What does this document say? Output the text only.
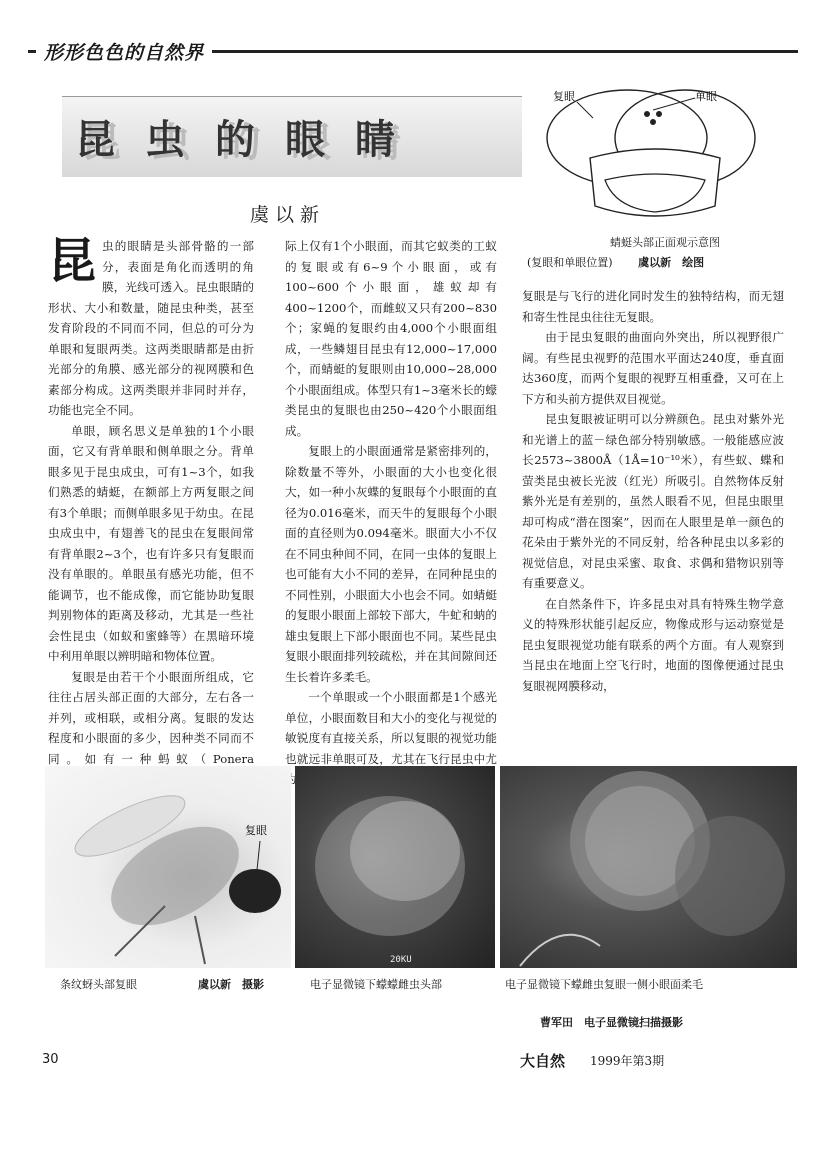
形形色色的自然界
昆虫的眼睛
虞以新
复眼	单眼
蜻蜓头部正面观示意图
(复眼和单眼位置) 虞以新　绘图

昆虫的眼睛是头部骨骼的一部分，表面是角化而透明的角膜，光线可透入。昆虫眼睛的形状、大小和数量，随昆虫种类，甚至发育阶段的不同而不同，但总的可分为单眼和复眼两类。这两类眼睛都是由折光部分的角膜、感光部分的视网膜和色素部分构成。这两类眼并非同时并存，功能也完全不同。

单眼，顾名思义是单独的1个小眼面，它又有背单眼和侧单眼之分。背单眼多见于昆虫成虫，可有1~3个，如我们熟悉的蜻蜓，在额部上方两复眼之间有3个单眼；而侧单眼多见于幼虫。在昆虫成虫中，有翅善飞的昆虫在复眼间常有背单眼2~3个，也有许多只有复眼而没有单眼的。单眼虽有感光功能，但不能调节，也不能成像，而它能协助复眼判别物体的距离及移动，尤其是一些社会性昆虫（如蚁和蜜蜂等）在黑暗环境中利用单眼以辨明暗和物体位置。

复眼是由若干个小眼面所组成，它往往占居头部正面的大部分，左右各一并列，或相联，或相分离。复眼的发达程度和小眼面的多少，因种类不同而不同。如有一种蚂蚁（Ponera

际上仅有1个小眼面，而其它蚁类的工蚁的复眼或有6~9个小眼面，或有100~600个小眼面，雄蚁却有400~1200个，而雌蚁又只有200~830个；家蝇的复眼约由4,000个小眼面组成，一些鳞翅目昆虫有12,000~17,000个，而蜻蜓的复眼则由10,000~28,000个小眼面组成。体型只有1~3毫米长的蠓类昆虫的复眼也由250~420个小眼面组成。

复眼上的小眼面通常是紧密排列的，除数量不等外，小眼面的大小也变化很大，如一种小灰蝶的复眼每个小眼面的直径为0.016毫米，而天牛的复眼每个小眼面的直径则为0.094毫米。眼面大小不仅在不同虫种间不同，在同一虫体的复眼上也可能有大小不同的差异，在同种昆虫的不同性别，小眼面大小也会不同。如蜻蜓的复眼小眼面上部较下部大，牛虻和蚋的雄虫复眼上下部小眼面也不同。某些昆虫复眼小眼面排列较疏松，并在其间隙间还生长着许多柔毛。

一个单眼或一个小眼面都是1个感光单位，小眼面数目和大小的变化与视觉的敏锐度有直接关系，所以复眼的视觉功能也就远非单眼可及，尤其在飞行昆虫中尤

复眼是与飞行的进化同时发生的独特结构，而无翅和寄生性昆虫往往无复眼。

由于昆虫复眼的曲面向外突出，所以视野很广阔。有些昆虫视野的范围水平面达240度，垂直面达360度，而两个复眼的视野互相重叠，又可在上下方和头前方提供双目视觉。

昆虫复眼被证明可以分辨颜色。昆虫对紫外光和光谱上的蓝－绿色部分特别敏感。一般能感应波长2573~3800Å（1Å=10⁻¹⁰米），有些蚁、蝶和萤类昆虫被长光波（红光）所吸引。自然物体反射紫外光是有差别的，虽然人眼看不见，但昆虫眼里却可构成“潜在图案”，因而在人眼里是单一颜色的花朵由于紫外光的不同反射，给各种昆虫以多彩的视觉信息，对昆虫采蜜、取食、求偶和猎物识别等有重要意义。

在自然条件下，许多昆虫对具有特殊生物学意义的特殊形状能引起反应，物像成形与运动察觉是昆虫复眼视觉功能有联系的两个方面。有人观察到当昆虫在地面上空飞行时，地面的图像便通过昆虫复眼视网膜移动，

复眼
20KU
条纹蚜头部复眼	虞以新　摄影	电子显微镜下蠓蠓雌虫头部	电子显微镜下蠓雌虫复眼一侧小眼面柔毛
曹军田　电子显微镜扫描摄影
30	大自然 1999年第3期
